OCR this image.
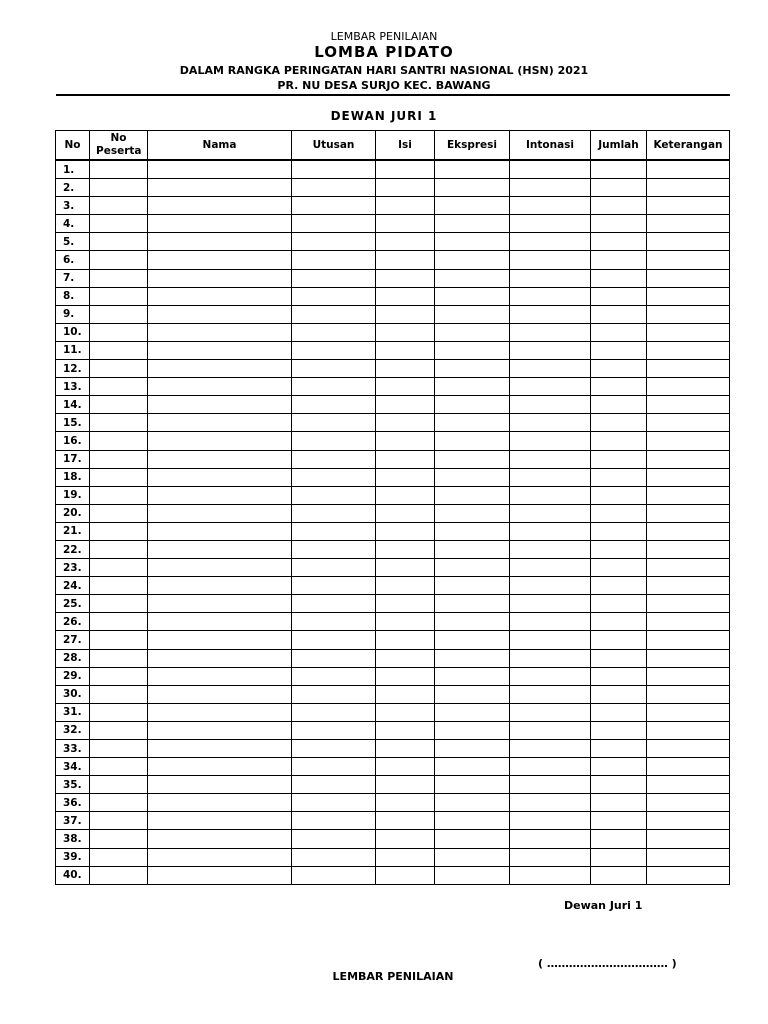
LEMBAR PENILAIAN
LOMBA PIDATO
DALAM RANGKA PERINGATAN HARI SANTRI NASIONAL (HSN) 2021
PR. NU DESA SURJO KEC. BAWANG
DEWAN JURI 1
No	No Peserta	Nama	Utusan	Isi	Ekspresi	Intonasi	Jumlah	Keterangan
1.								
2.								
3.								
4.								
5.								
6.								
7.								
8.								
9.								
10.								
11.								
12.								
13.								
14.								
15.								
16.								
17.								
18.								
19.								
20.								
21.								
22.								
23.								
24.								
25.								
26.								
27.								
28.								
29.								
30.								
31.								
32.								
33.								
34.								
35.								
36.								
37.								
38.								
39.								
40.								
Dewan Juri 1
( …………………………… )
LEMBAR PENILAIAN
